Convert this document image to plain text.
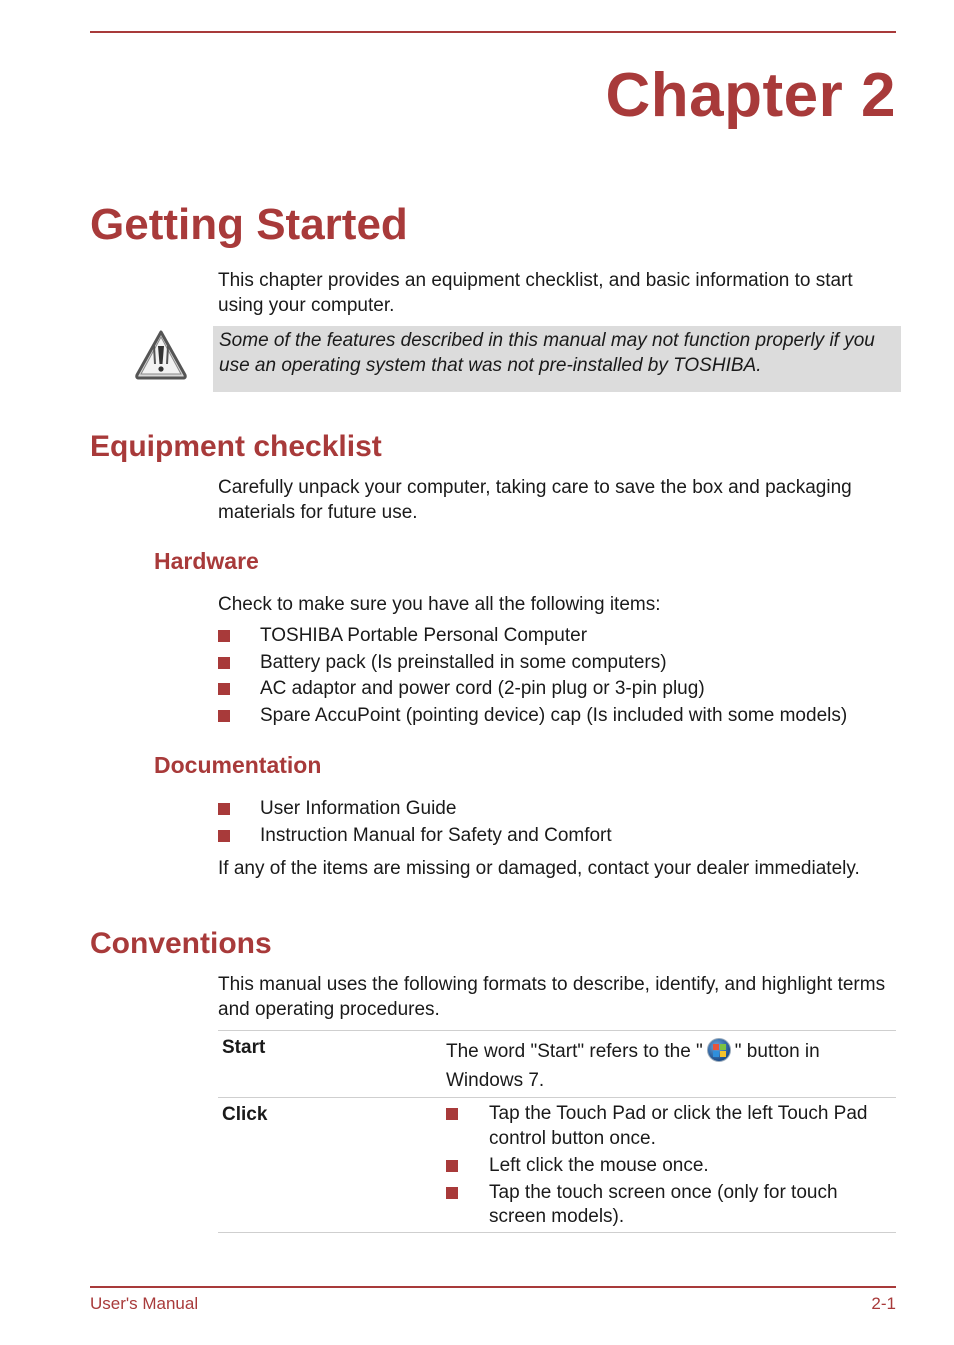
Chapter 2
Getting Started
This chapter provides an equipment checklist, and basic information to start using your computer.
Some of the features described in this manual may not function properly if you use an operating system that was not pre-installed by TOSHIBA.
Equipment checklist
Carefully unpack your computer, taking care to save the box and packaging materials for future use.
Hardware
Check to make sure you have all the following items:
TOSHIBA Portable Personal Computer
Battery pack (Is preinstalled in some computers)
AC adaptor and power cord (2-pin plug or 3-pin plug)
Spare AccuPoint (pointing device) cap (Is included with some models)
Documentation
User Information Guide
Instruction Manual for Safety and Comfort
If any of the items are missing or damaged, contact your dealer immediately.
Conventions
This manual uses the following formats to describe, identify, and highlight terms and operating procedures.
Start	The word "Start" refers to the " " button in Windows 7.
Click	Tap the Touch Pad or click the left Touch Pad control button once.
Left click the mouse once.
Tap the touch screen once (only for touch screen models).
User's Manual	2-1
